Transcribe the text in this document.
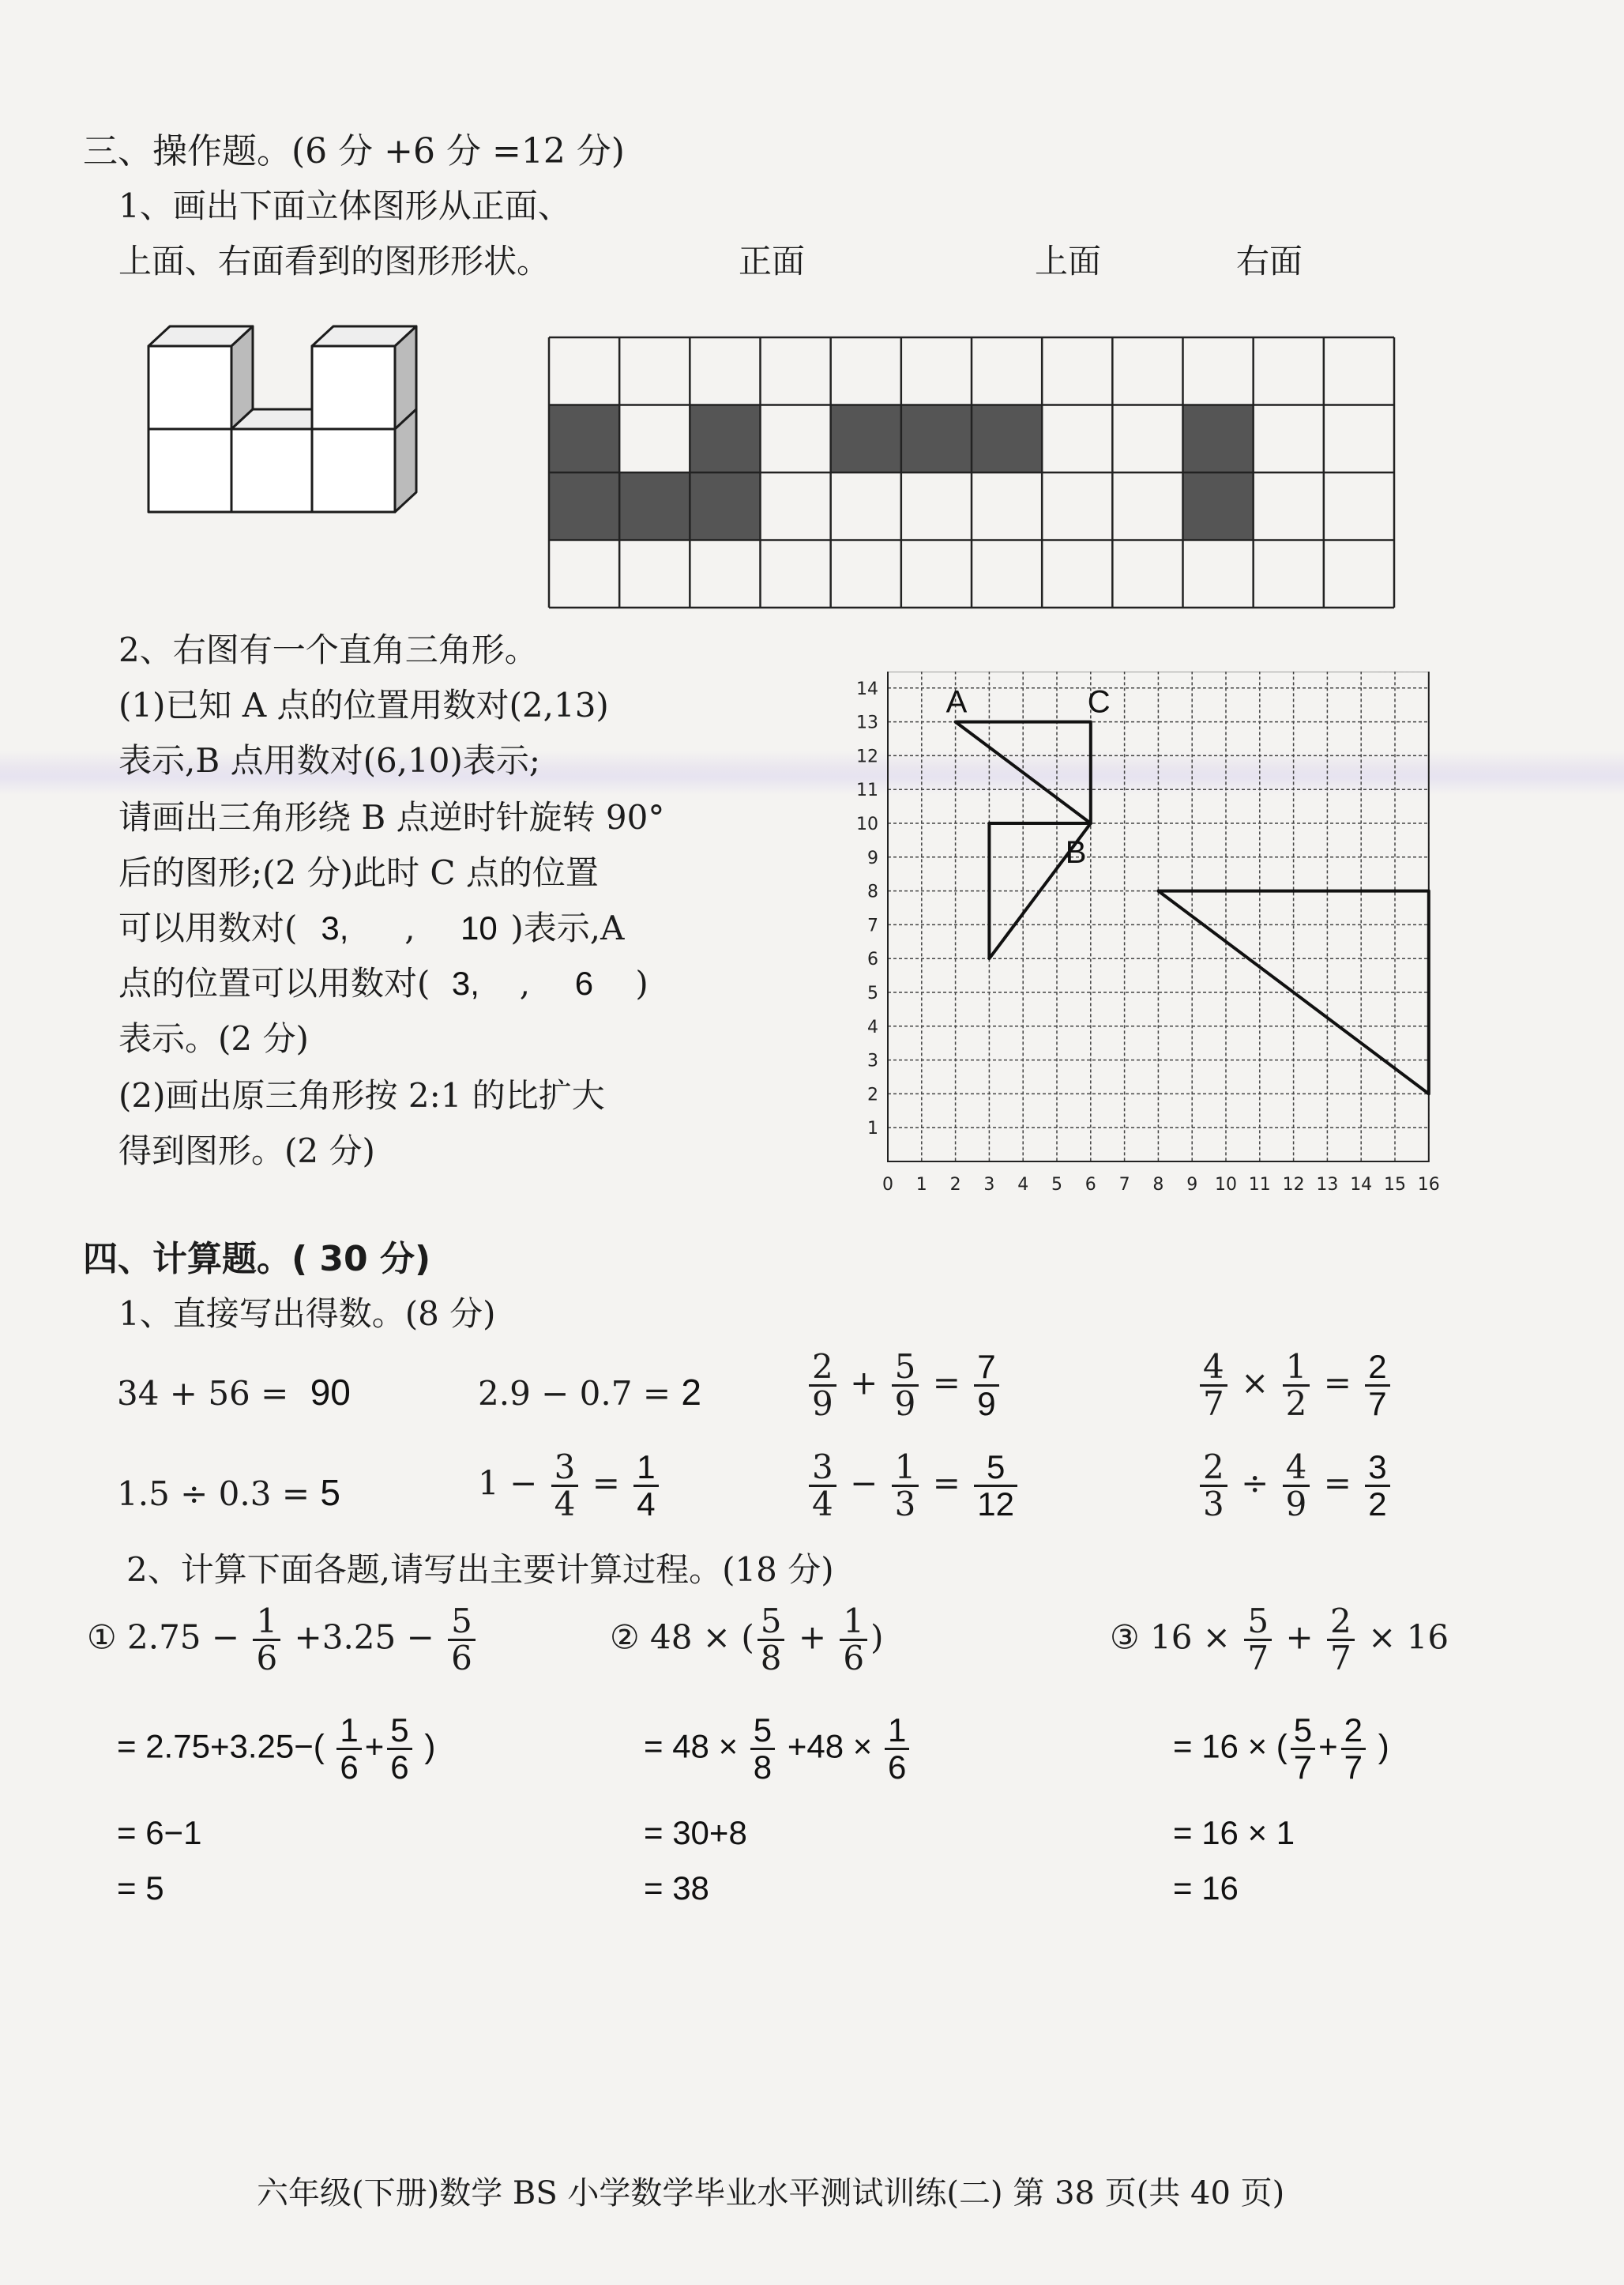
三、操作题。(6 分 +6 分 =12 分)
1、画出下面立体图形从正面、
上面、右面看到的图形形状。	正面	上面	右面
2、右图有一个直角三角形。
(1)已知 A 点的位置用数对(2,13)
表示,B 点用数对(6,10)表示;
请画出三角形绕 B 点逆时针旋转 90°
后的图形;(2 分)此时 C 点的位置
可以用数对( 3, , 10 )表示,A
点的位置可以用数对( 3, , 6 )
表示。(2 分)
(2)画出原三角形按 2:1 的比扩大
得到图形。(2 分)
0 1 2 3 4 5 6 7 8 9 10 11 12 13 14 15 16
1
2
3
4
5
6
7
8
9
10
11
12
13
14 A	C
B
四、计算题。( 30 分)
1、直接写出得数。(8 分)
34 + 56 = 90	2.9 − 0.7 = 2	$\frac{2}{9} + \frac{5}{9} = \frac{7}{9}$	$\frac{4}{7} \times \frac{1}{2} = \frac{2}{7}$
1.5 ÷ 0.3 = 5	$1 - \frac{3}{4} = \frac{1}{4}$	$\frac{3}{4} - \frac{1}{3} = \frac{5}{12}$	$\frac{2}{3} \div \frac{4}{9} = \frac{3}{2}$
2、计算下面各题,请写出主要计算过程。(18 分)
① $2.75 - \frac{1}{6} +3.25 - \frac{5}{6}$
= $2.75+3.25-( \frac{1}{6} + \frac{5}{6}$ )
= 6−1
= 5
② 48 × ( $\frac{5}{8} + \frac{1}{6}$ )
= $48 \times \frac{5}{8} +48 \times \frac{1}{6}$
= 30+8
= 38
③ $16 \times \frac{5}{7} + \frac{2}{7} \times 16$
= 16 × ( $\frac{5}{7} + \frac{2}{7}$ )
= 16 × 1
= 16
六年级(下册)数学 BS 小学数学毕业水平测试训练(二) 第 38 页(共 40 页)
